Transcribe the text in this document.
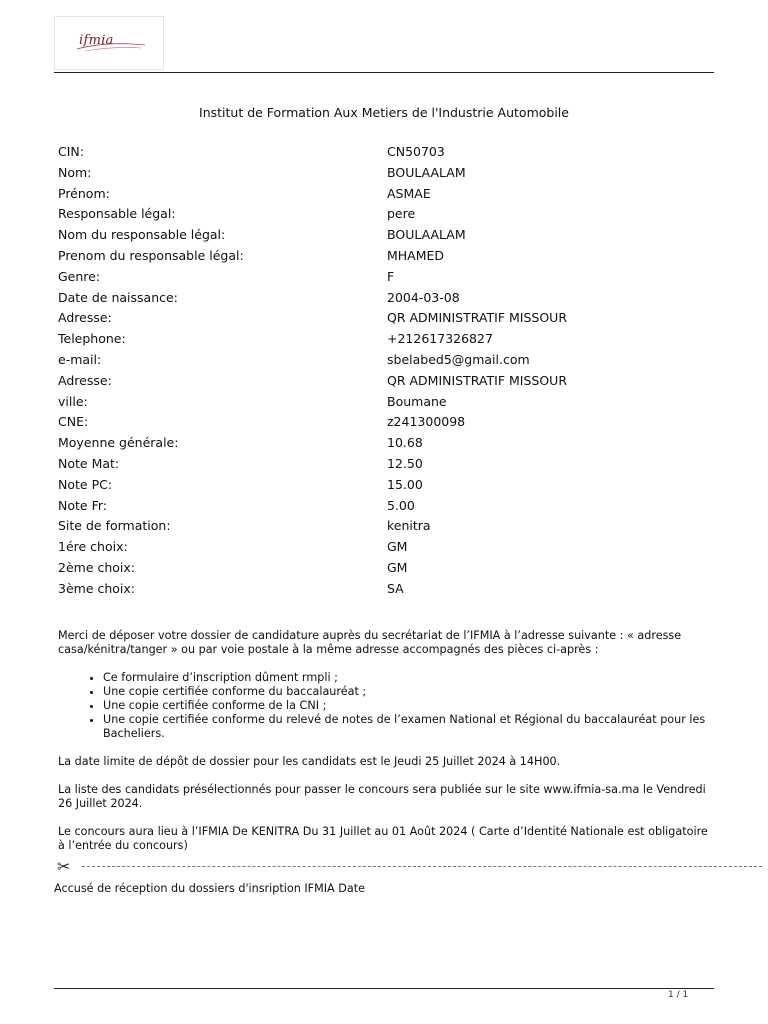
ifmia
Institut de Formation Aux Metiers de l'Industrie Automobile
CIN:	CN50703
Nom:	BOULAALAM
Prénom:	ASMAE
Responsable légal:	pere
Nom du responsable légal:	BOULAALAM
Prenom du responsable légal:	MHAMED
Genre:	F
Date de naissance:	2004-03-08
Adresse:	QR ADMINISTRATIF MISSOUR
Telephone:	+212617326827
e-mail:	sbelabed5@gmail.com
Adresse:	QR ADMINISTRATIF MISSOUR
ville:	Boumane
CNE:	z241300098
Moyenne générale:	10.68
Note Mat:	12.50
Note PC:	15.00
Note Fr:	5.00
Site de formation:	kenitra
1ére choix:	GM
2ème choix:	GM
3ème choix:	SA

Merci de déposer votre dossier de candidature auprès du secrétariat de l’IFMIA à l’adresse suivante : « adresse casa/kénitra/tanger » ou par voie postale à la même adresse accompagnés des pièces ci-après :

• Ce formulaire d’inscription dûment rmpli ;
• Une copie certifiée conforme du baccalauréat ;
• Une copie certifiée conforme de la CNI ;
• Une copie certifiée conforme du relevé de notes de l’examen National et Régional du baccalauréat pour les Bacheliers.

La date limite de dépôt de dossier pour les candidats est le Jeudi 25 Juillet 2024 à 14H00.

La liste des candidats présélectionnés pour passer le concours sera publiée sur le site www.ifmia-sa.ma le Vendredi 26 Juillet 2024.

Le concours aura lieu à l’IFMIA De KENITRA Du 31 Juillet au 01 Août 2024 ( Carte d’Identité Nationale est obligatoire à l’entrée du concours)

✂
Accusé de réception du dossiers d'insription IFMIA Date
1 / 1
